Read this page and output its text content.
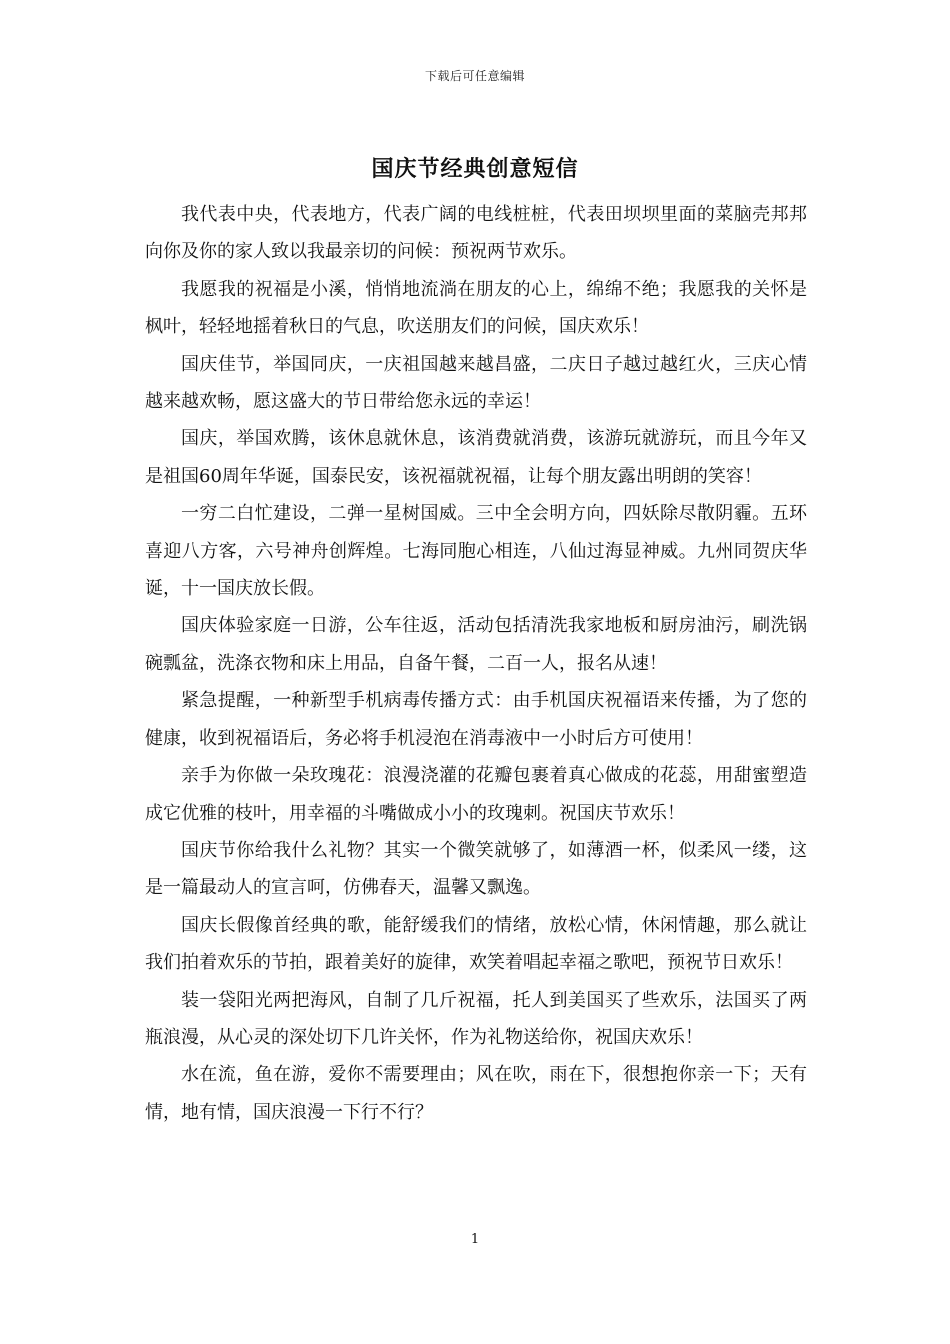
下载后可任意编辑
国庆节经典创意短信

我代表中央，代表地方，代表广阔的电线桩桩，代表田坝坝里面的菜脑壳邦邦向你及你的家人致以我最亲切的问候：预祝两节欢乐。

我愿我的祝福是小溪，悄悄地流淌在朋友的心上，绵绵不绝；我愿我的关怀是枫叶，轻轻地摇着秋日的气息，吹送朋友们的问候，国庆欢乐！

国庆佳节，举国同庆，一庆祖国越来越昌盛，二庆日子越过越红火，三庆心情越来越欢畅，愿这盛大的节日带给您永远的幸运！

国庆，举国欢腾，该休息就休息，该消费就消费，该游玩就游玩，而且今年又是祖国60周年华诞，国泰民安，该祝福就祝福，让每个朋友露出明朗的笑容！

一穷二白忙建设，二弹一星树国威。三中全会明方向，四妖除尽散阴霾。五环喜迎八方客，六号神舟创辉煌。七海同胞心相连，八仙过海显神威。九州同贺庆华诞，十一国庆放长假。

国庆体验家庭一日游，公车往返，活动包括清洗我家地板和厨房油污，刷洗锅碗瓢盆，洗涤衣物和床上用品，自备午餐，二百一人，报名从速！

紧急提醒，一种新型手机病毒传播方式：由手机国庆祝福语来传播，为了您的健康，收到祝福语后，务必将手机浸泡在消毒液中一小时后方可使用！

亲手为你做一朵玫瑰花：浪漫浇灌的花瓣包裹着真心做成的花蕊，用甜蜜塑造成它优雅的枝叶，用幸福的斗嘴做成小小的玫瑰刺。祝国庆节欢乐！

国庆节你给我什么礼物？其实一个微笑就够了，如薄酒一杯，似柔风一缕，这是一篇最动人的宣言呵，仿佛春天，温馨又飘逸。

国庆长假像首经典的歌，能舒缓我们的情绪，放松心情，休闲情趣，那么就让我们拍着欢乐的节拍，跟着美好的旋律，欢笑着唱起幸福之歌吧，预祝节日欢乐！

装一袋阳光两把海风，自制了几斤祝福，托人到美国买了些欢乐，法国买了两瓶浪漫，从心灵的深处切下几许关怀，作为礼物送给你，祝国庆欢乐！

水在流，鱼在游，爱你不需要理由；风在吹，雨在下，很想抱你亲一下；天有情，地有情，国庆浪漫一下行不行？

1
